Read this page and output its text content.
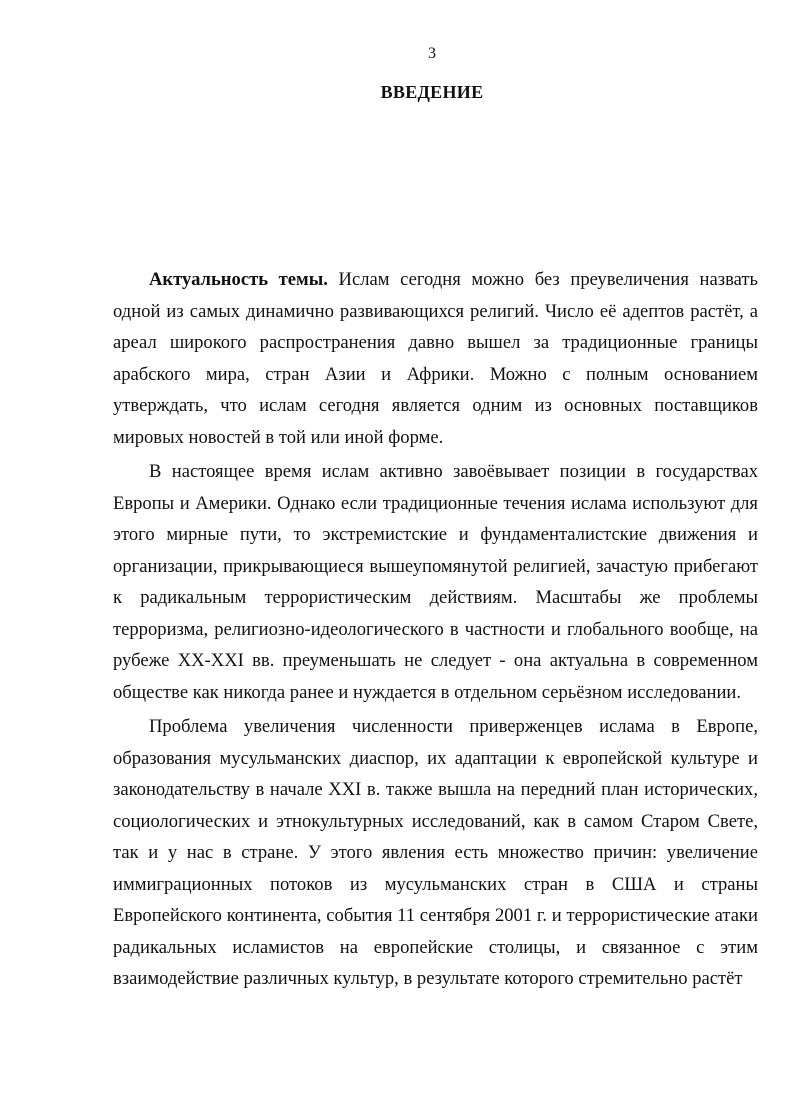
3
ВВЕДЕНИЕ

Актуальность темы. Ислам сегодня можно без преувеличения назвать одной из самых динамично развивающихся религий. Число её адептов растёт, а ареал широкого распространения давно вышел за традиционные границы арабского мира, стран Азии и Африки. Можно с полным основанием утверждать, что ислам сегодня является одним из основных поставщиков мировых новостей в той или иной форме.

В настоящее время ислам активно завоёвывает позиции в государствах Европы и Америки. Однако если традиционные течения ислама используют для этого мирные пути, то экстремистские и фундаменталистские движения и организации, прикрывающиеся вышеупомянутой религией, зачастую прибегают к радикальным террористическим действиям. Масштабы же проблемы терроризма, религиозно-идеологического в частности и глобального вообще, на рубеже XX-XXI вв. преуменьшать не следует - она актуальна в современном обществе как никогда ранее и нуждается в отдельном серьёзном исследовании.

Проблема увеличения численности приверженцев ислама в Европе, образования мусульманских диаспор, их адаптации к европейской культуре и законодательству в начале XXI в. также вышла на передний план исторических, социологических и этнокультурных исследований, как в самом Старом Свете, так и у нас в стране. У этого явления есть множество причин: увеличение иммиграционных потоков из мусульманских стран в США и страны Европейского континента, события 11 сентября 2001 г. и террористические атаки радикальных исламистов на европейские столицы, и связанное с этим взаимодействие различных культур, в результате которого стремительно растёт
